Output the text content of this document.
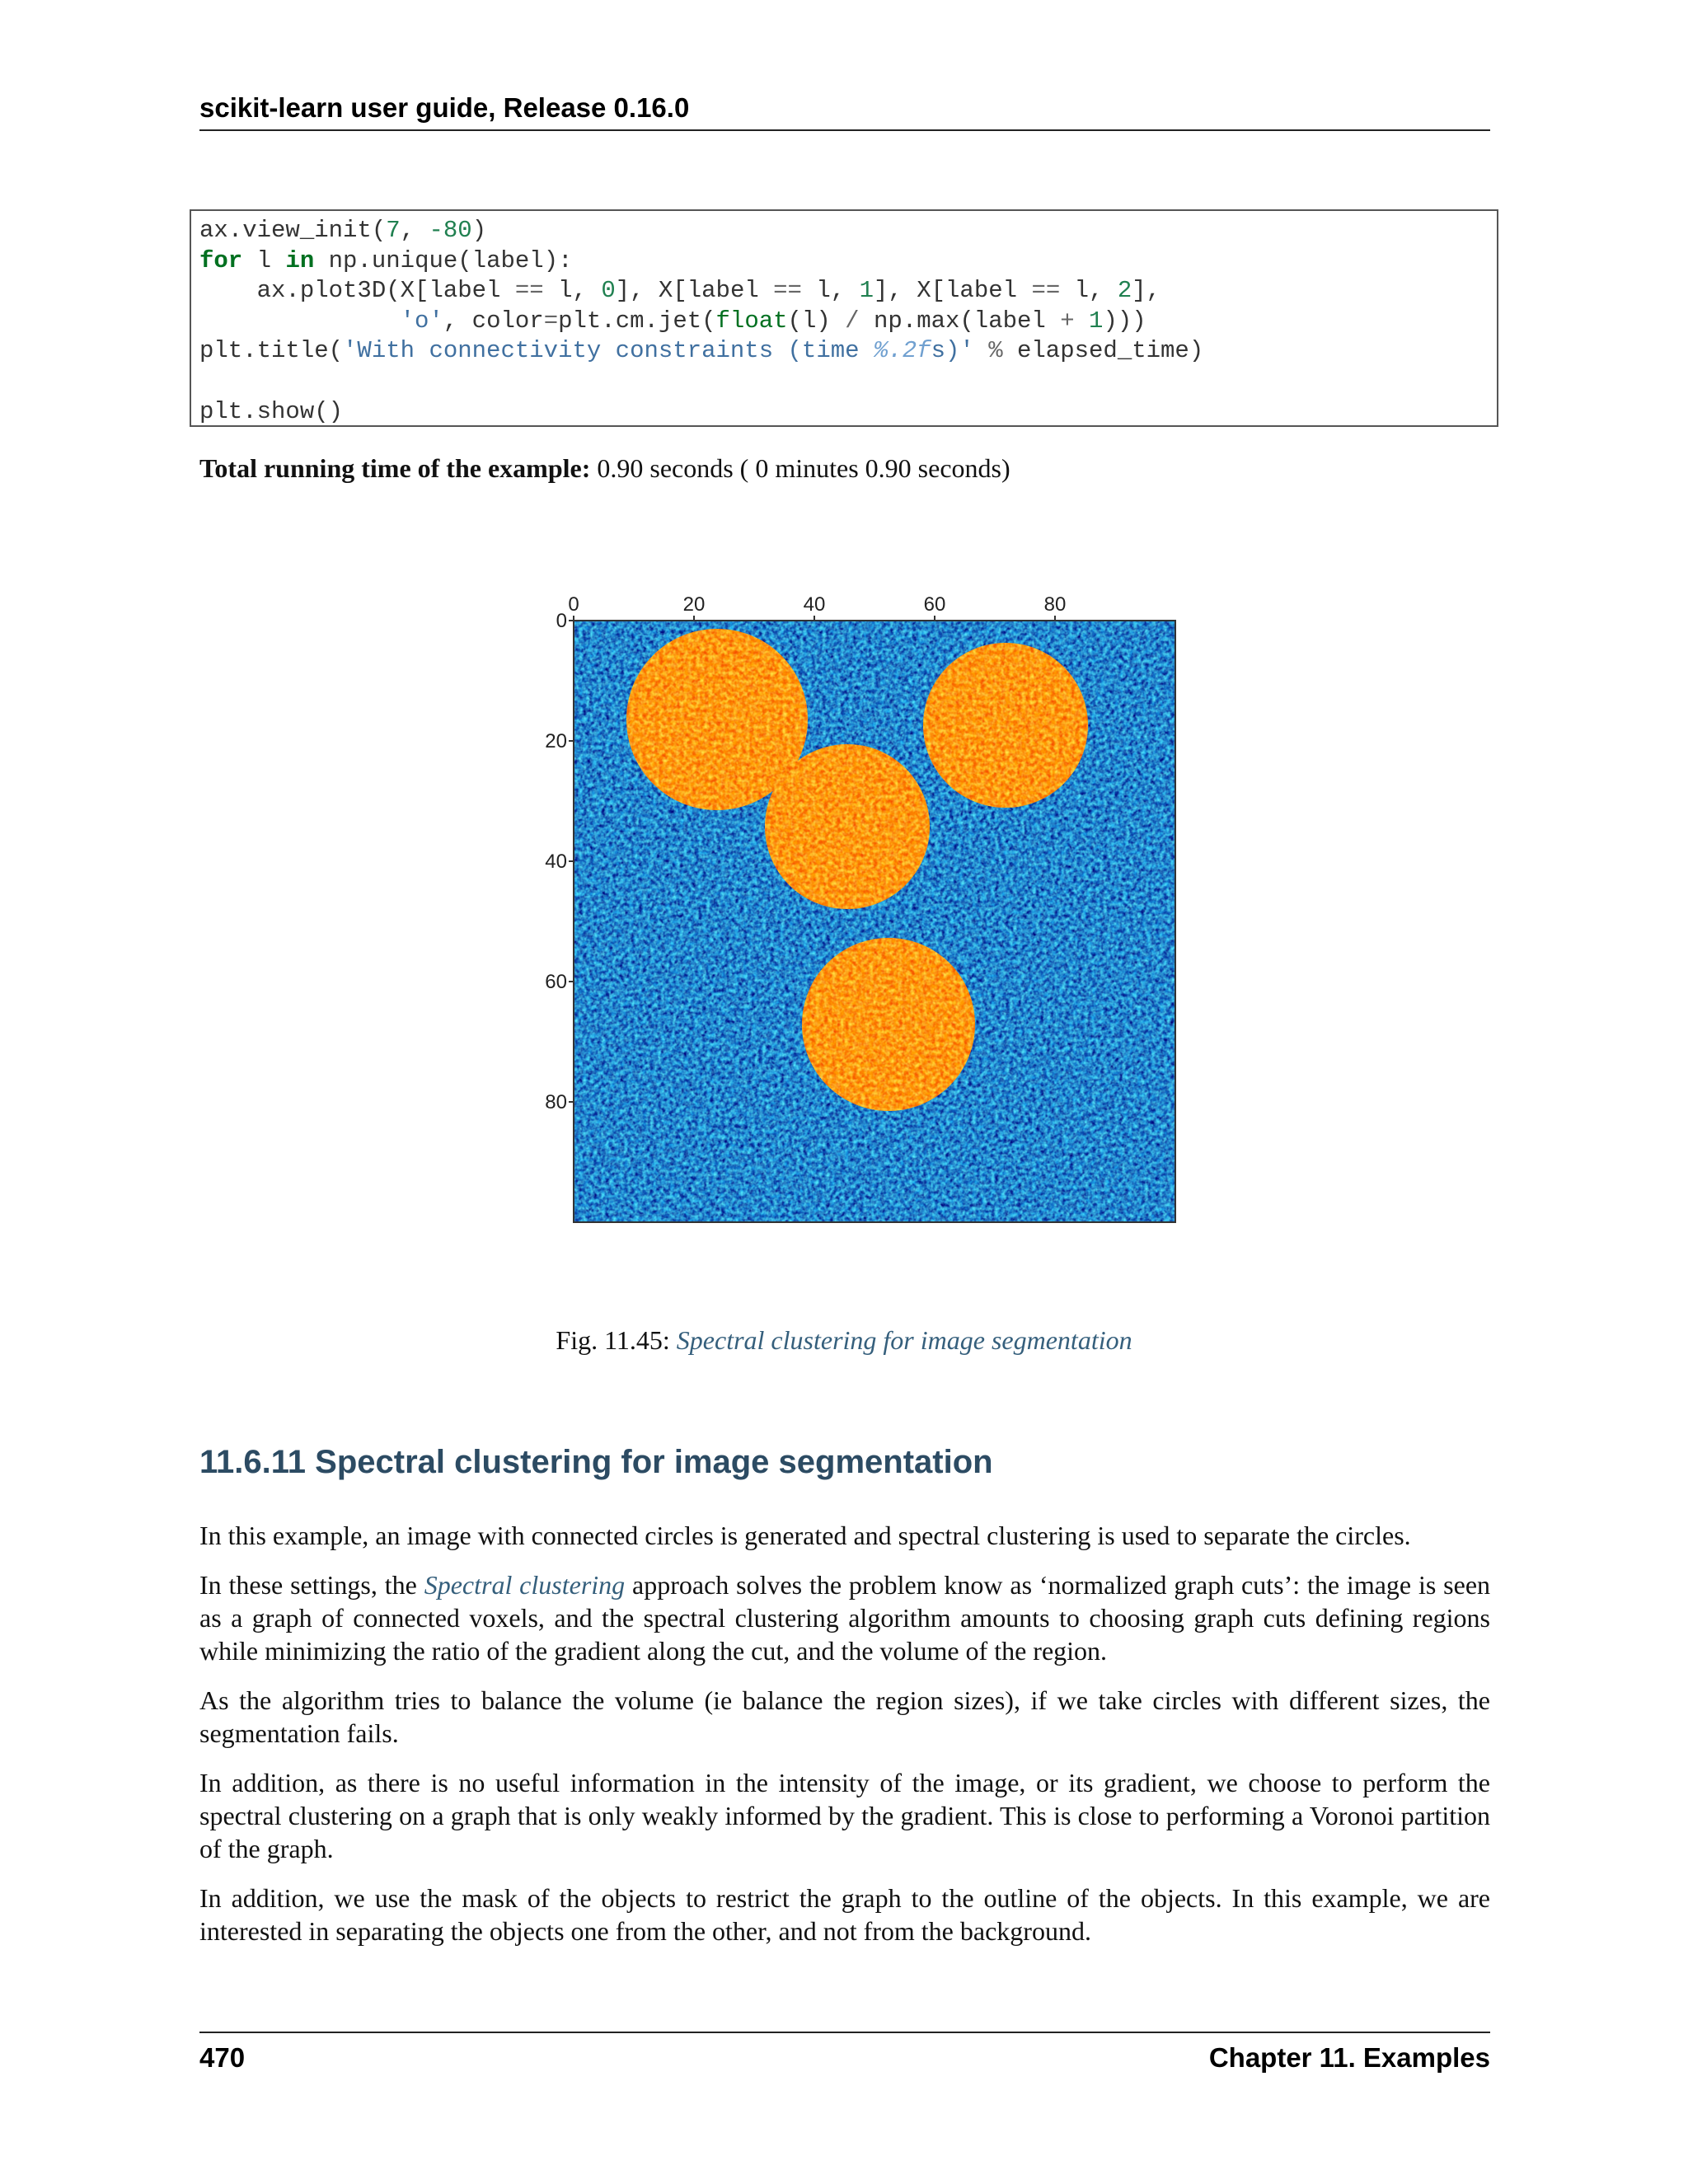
scikit-learn user guide, Release 0.16.0
ax.view_init(7, -80)
for l in np.unique(label):
ax.plot3D(X[label == l, 0], X[label == l, 1], X[label == l, 2],
'o', color=plt.cm.jet(float(l) / np.max(label + 1)))
plt.title('With connectivity constraints (time %.2fs)' % elapsed_time)

plt.show()
Total running time of the example: 0.90 seconds ( 0 minutes 0.90 seconds)
0	20	40	60	80
0
20
40
60
80
Fig. 11.45: Spectral clustering for image segmentation
11.6.11 Spectral clustering for image segmentation
In this example, an image with connected circles is generated and spectral clustering is used to separate the circles.
In these settings, the Spectral clustering approach solves the problem know as ‘normalized graph cuts’: the image is seen as a graph of connected voxels, and the spectral clustering algorithm amounts to choosing graph cuts defining regions while minimizing the ratio of the gradient along the cut, and the volume of the region.
As the algorithm tries to balance the volume (ie balance the region sizes), if we take circles with different sizes, the segmentation fails.
In addition, as there is no useful information in the intensity of the image, or its gradient, we choose to perform the spectral clustering on a graph that is only weakly informed by the gradient. This is close to performing a Voronoi partition of the graph.
In addition, we use the mask of the objects to restrict the graph to the outline of the objects. In this example, we are interested in separating the objects one from the other, and not from the background.
470	Chapter 11. Examples
